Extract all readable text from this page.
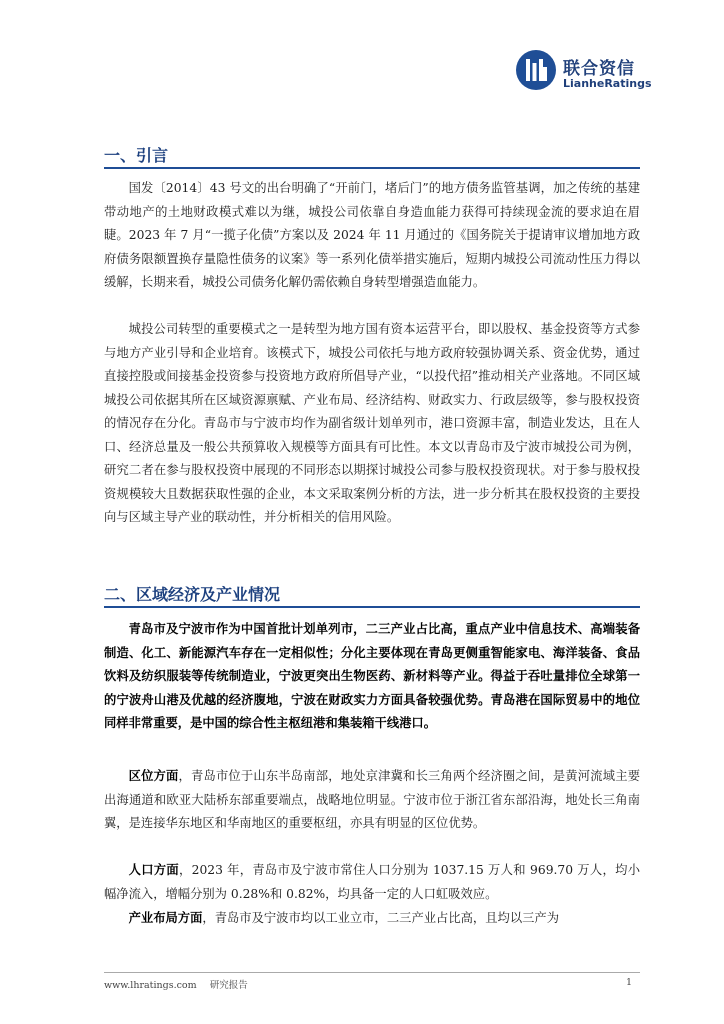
联合资信
LianheRatings
一、引言

国发〔2014〕43 号文的出台明确了“开前门，堵后门”的地方债务监管基调，加之传统的基建带动地产的土地财政模式难以为继，城投公司依靠自身造血能力获得可持续现金流的要求迫在眉睫。2023 年 7 月“一揽子化债”方案以及 2024 年 11 月通过的《国务院关于提请审议增加地方政府债务限额置换存量隐性债务的议案》等一系列化债举措实施后，短期内城投公司流动性压力得以缓解，长期来看，城投公司债务化解仍需依赖自身转型增强造血能力。

城投公司转型的重要模式之一是转型为地方国有资本运营平台，即以股权、基金投资等方式参与地方产业引导和企业培育。该模式下，城投公司依托与地方政府较强协调关系、资金优势，通过直接控股或间接基金投资参与投资地方政府所倡导产业，“以投代招”推动相关产业落地。不同区域城投公司依据其所在区域资源禀赋、产业布局、经济结构、财政实力、行政层级等，参与股权投资的情况存在分化。青岛市与宁波市均作为副省级计划单列市，港口资源丰富，制造业发达，且在人口、经济总量及一般公共预算收入规模等方面具有可比性。本文以青岛市及宁波市城投公司为例，研究二者在参与股权投资中展现的不同形态以期探讨城投公司参与股权投资现状。对于参与股权投资规模较大且数据获取性强的企业，本文采取案例分析的方法，进一步分析其在股权投资的主要投向与区域主导产业的联动性，并分析相关的信用风险。

二、区域经济及产业情况

青岛市及宁波市作为中国首批计划单列市，二三产业占比高，重点产业中信息技术、高端装备制造、化工、新能源汽车存在一定相似性；分化主要体现在青岛更侧重智能家电、海洋装备、食品饮料及纺织服装等传统制造业，宁波更突出生物医药、新材料等产业。得益于吞吐量排位全球第一的宁波舟山港及优越的经济腹地，宁波在财政实力方面具备较强优势。青岛港在国际贸易中的地位同样非常重要，是中国的综合性主枢纽港和集装箱干线港口。

区位方面，青岛市位于山东半岛南部，地处京津冀和长三角两个经济圈之间，是黄河流域主要出海通道和欧亚大陆桥东部重要端点，战略地位明显。宁波市位于浙江省东部沿海，地处长三角南翼，是连接华东地区和华南地区的重要枢纽，亦具有明显的区位优势。

人口方面，2023 年，青岛市及宁波市常住人口分别为 1037.15 万人和 969.70 万人，均小幅净流入，增幅分别为 0.28%和 0.82%，均具备一定的人口虹吸效应。

产业布局方面，青岛市及宁波市均以工业立市，二三产业占比高，且均以三产为

www.lhratings.com 研究报告	1
